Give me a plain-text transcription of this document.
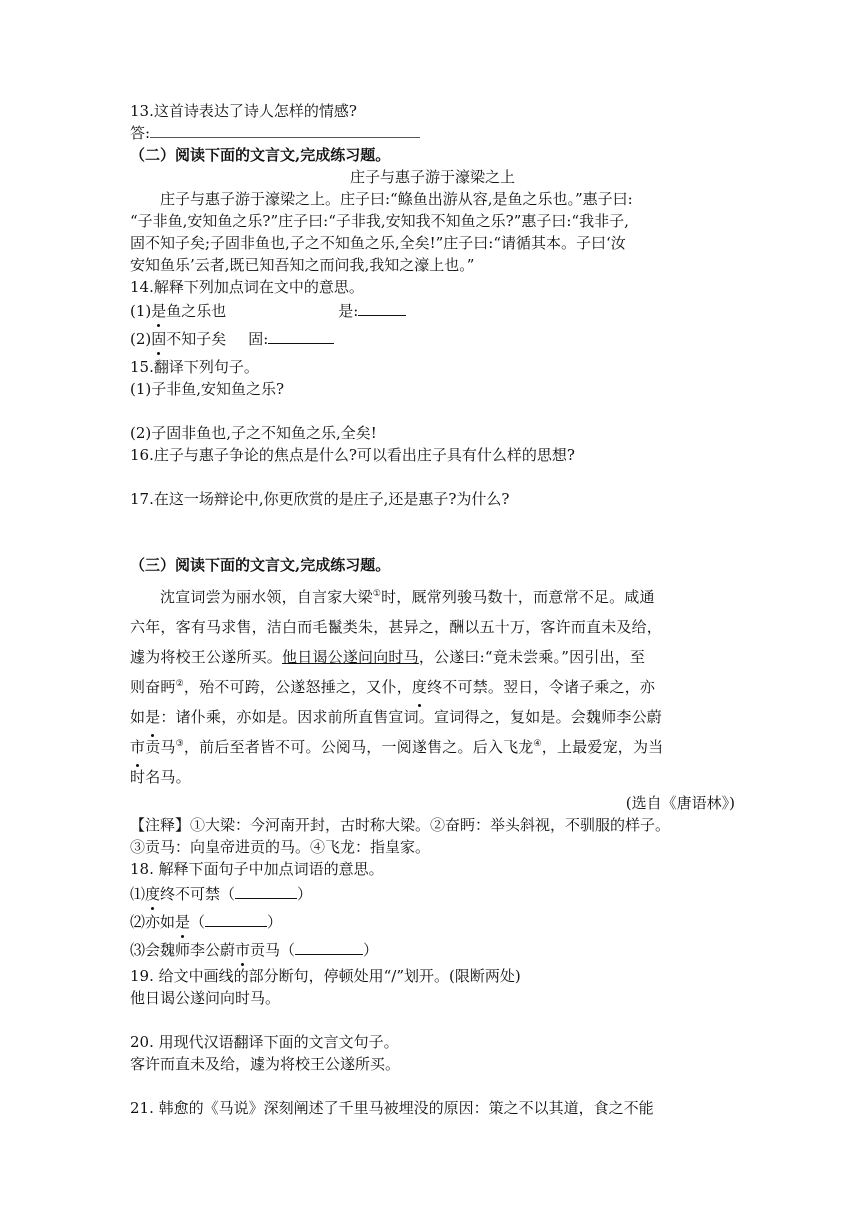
13.这首诗表达了诗人怎样的情感?
答:
（二）阅读下面的文言文,完成练习题。
庄子与惠子游于濠梁之上
庄子与惠子游于濠梁之上。庄子曰:“鲦鱼出游从容,是鱼之乐也。”惠子曰:
“子非鱼,安知鱼之乐?”庄子曰:“子非我,安知我不知鱼之乐?”惠子曰:“我非子,
固不知子矣;子固非鱼也,子之不知鱼之乐,全矣!”庄子曰:“请循其本。子曰‘汝
安知鱼乐’云者,既已知吾知之而问我,我知之濠上也。”
14.解释下列加点词在文中的意思。
(1)是鱼之乐也	是:
(2)固不知子矣 固:
15.翻译下列句子。
(1)子非鱼,安知鱼之乐?
(2)子固非鱼也,子之不知鱼之乐,全矣!
16.庄子与惠子争论的焦点是什么?可以看出庄子具有什么样的思想?
17.在这一场辩论中,你更欣赏的是庄子,还是惠子?为什么?
（三）阅读下面的文言文,完成练习题。
沈宣词尝为丽水领，自言家大梁①时，厩常列骏马数十，而意常不足。咸通
六年，客有马求售，洁白而毛鬣类朱，甚异之，酬以五十万，客许而直未及给，
遽为将校王公遂所买。他日谒公遂问向时马，公遂曰:“竟未尝乘。”因引出，至
则奋眄②，殆不可跨，公遂怒捶之，又仆，度终不可禁。翌日，令诸子乘之，亦
如是：诸仆乘，亦如是。因求前所直售宣词。宣词得之，复如是。会魏师李公蔚
市贡马③，前后至者皆不可。公阅马，一阅遂售之。后入飞龙④，上最爱宠，为当
时名马。
(选自《唐语林》)
【注释】①大梁：今河南开封，古时称大梁。②奋眄：举头斜视，不驯服的样子。
③贡马：向皇帝进贡的马。④飞龙：指皇家。
18. 解释下面句子中加点词语的意思。
⑴度终不可禁（	）
⑵亦如是（	）
⑶会魏师李公蔚市贡马（	）
19. 给文中画线的部分断句，停顿处用“/”划开。(限断两处)
他日谒公遂问向时马。
20. 用现代汉语翻译下面的文言文句子。
客许而直未及给，遽为将校王公遂所买。
21. 韩愈的《马说》深刻阐述了千里马被埋没的原因：策之不以其道，食之不能
